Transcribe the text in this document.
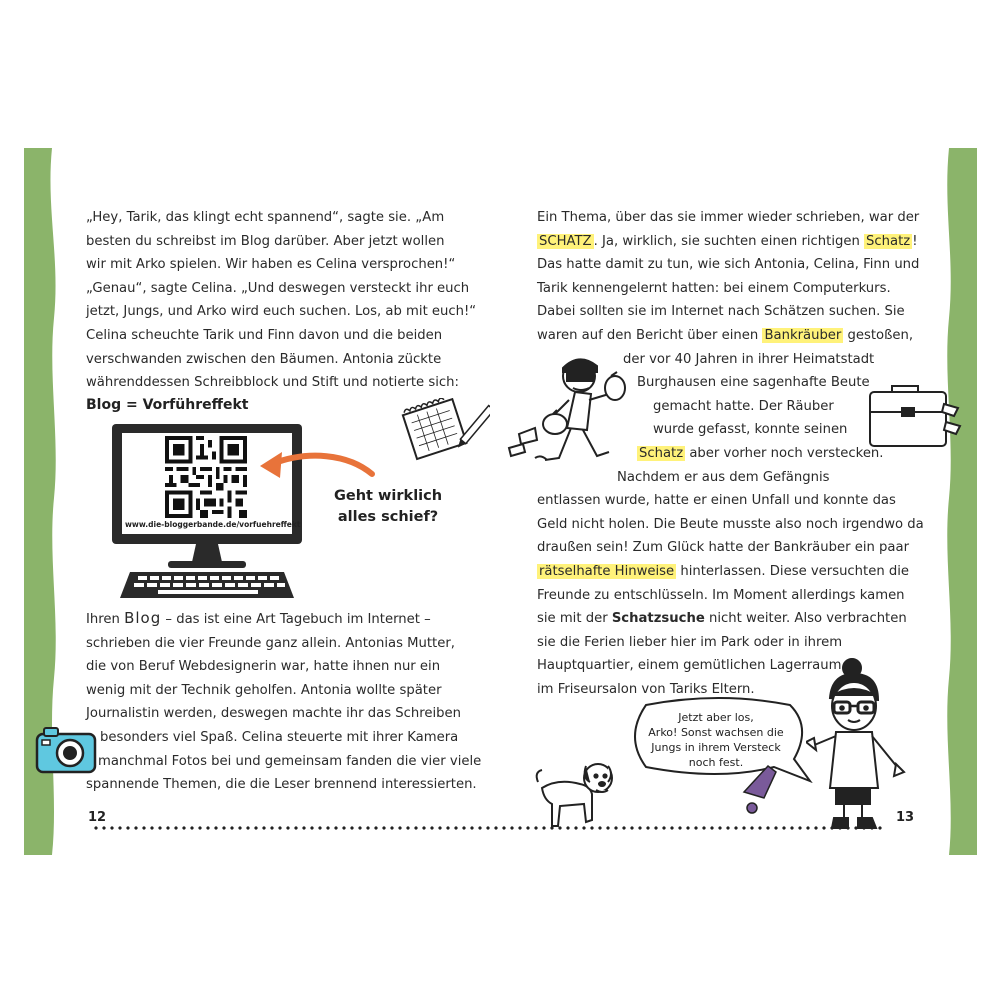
„Hey, Tarik, das klingt echt spannend“, sagte sie. „Am
besten du schreibst im Blog darüber. Aber jetzt wollen
wir mit Arko spielen. Wir haben es Celina versprochen!“
„Genau“, sagte Celina. „Und deswegen versteckt ihr euch
jetzt, Jungs, und Arko wird euch suchen. Los, ab mit euch!“
Celina scheuchte Tarik und Finn davon und die beiden
verschwanden zwischen den Bäumen. Antonia zückte
währenddessen Schreibblock und Stift und notierte sich:
Blog = Vorführeffekt
www.die-bloggerbande.de/vorfuehreffekt
Geht wirklich
alles schief?
Ihren Blog – das ist eine Art Tagebuch im Internet –
schrieben die vier Freunde ganz allein. Antonias Mutter,
die von Beruf Webdesignerin war, hatte ihnen nur ein
wenig mit der Technik geholfen. Antonia wollte später
Journalistin werden, deswegen machte ihr das Schreiben
besonders viel Spaß. Celina steuerte mit ihrer Kamera
manchmal Fotos bei und gemeinsam fanden die vier viele
spannende Themen, die die Leser brennend interessierten.
12
Ein Thema, über das sie immer wieder schrieben, war der
SCHATZ . Ja, wirklich, sie suchten einen richtigen Schatz !
Das hatte damit zu tun, wie sich Antonia, Celina, Finn und
Tarik kennengelernt hatten: bei einem Computerkurs.
Dabei sollten sie im Internet nach Schätzen suchen. Sie
waren auf den Bericht über einen Bankräuber gestoßen,
der vor 40 Jahren in ihrer Heimatstadt
Burghausen eine sagenhafte Beute
gemacht hatte. Der Räuber
wurde gefasst, konnte seinen
Schatz aber vorher noch verstecken.
Nachdem er aus dem Gefängnis
entlassen wurde, hatte er einen Unfall und konnte das
Geld nicht holen. Die Beute musste also noch irgendwo da
draußen sein! Zum Glück hatte der Bankräuber ein paar
rätselhafte Hinweise hinterlassen. Diese versuchten die
Freunde zu entschlüsseln. Im Moment allerdings kamen
sie mit der Schatzsuche nicht weiter. Also verbrachten
sie die Ferien lieber hier im Park oder in ihrem
Hauptquartier, einem gemütlichen Lagerraum
im Friseursalon von Tariks Eltern.
Jetzt aber los,
Arko! Sonst wachsen die
Jungs in ihrem Versteck
noch fest.
13
